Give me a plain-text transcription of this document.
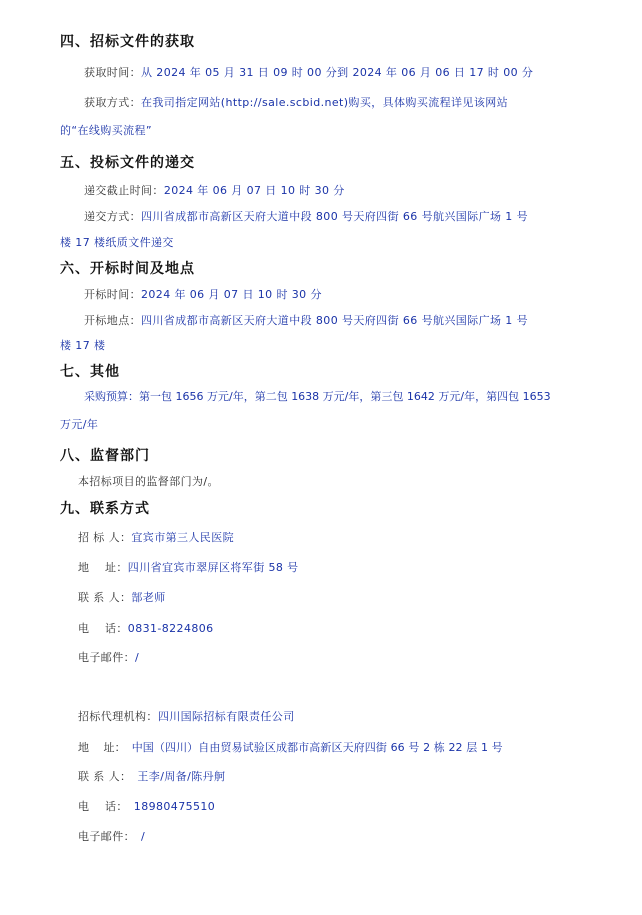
四、招标文件的获取
获取时间：从 2024 年 05 月 31 日 09 时 00 分到 2024 年 06 月 06 日 17 时 00 分
获取方式：在我司指定网站(http://sale.scbid.net)购买，具体购买流程详见该网站
的“在线购买流程”
五、投标文件的递交
递交截止时间：2024 年 06 月 07 日 10 时 30 分
递交方式：四川省成都市高新区天府大道中段 800 号天府四街 66 号航兴国际广场 1 号
楼 17 楼纸质文件递交
六、开标时间及地点
开标时间：2024 年 06 月 07 日 10 时 30 分
开标地点：四川省成都市高新区天府大道中段 800 号天府四街 66 号航兴国际广场 1 号
楼 17 楼
七、其他
采购预算：第一包 1656 万元/年，第二包 1638 万元/年，第三包 1642 万元/年，第四包 1653
万元/年
八、监督部门
本招标项目的监督部门为/。
九、联系方式
招 标 人：宜宾市第三人民医院
地    址：四川省宜宾市翠屏区将军街 58 号
联 系 人：郜老师
电    话：0831-8224806
电子邮件：/
招标代理机构：四川国际招标有限责任公司
地    址： 中国（四川）自由贸易试验区成都市高新区天府四街 66 号 2 栋 22 层 1 号
联 系 人： 王李/周备/陈丹舸
电    话： 18980475510
电子邮件： /
